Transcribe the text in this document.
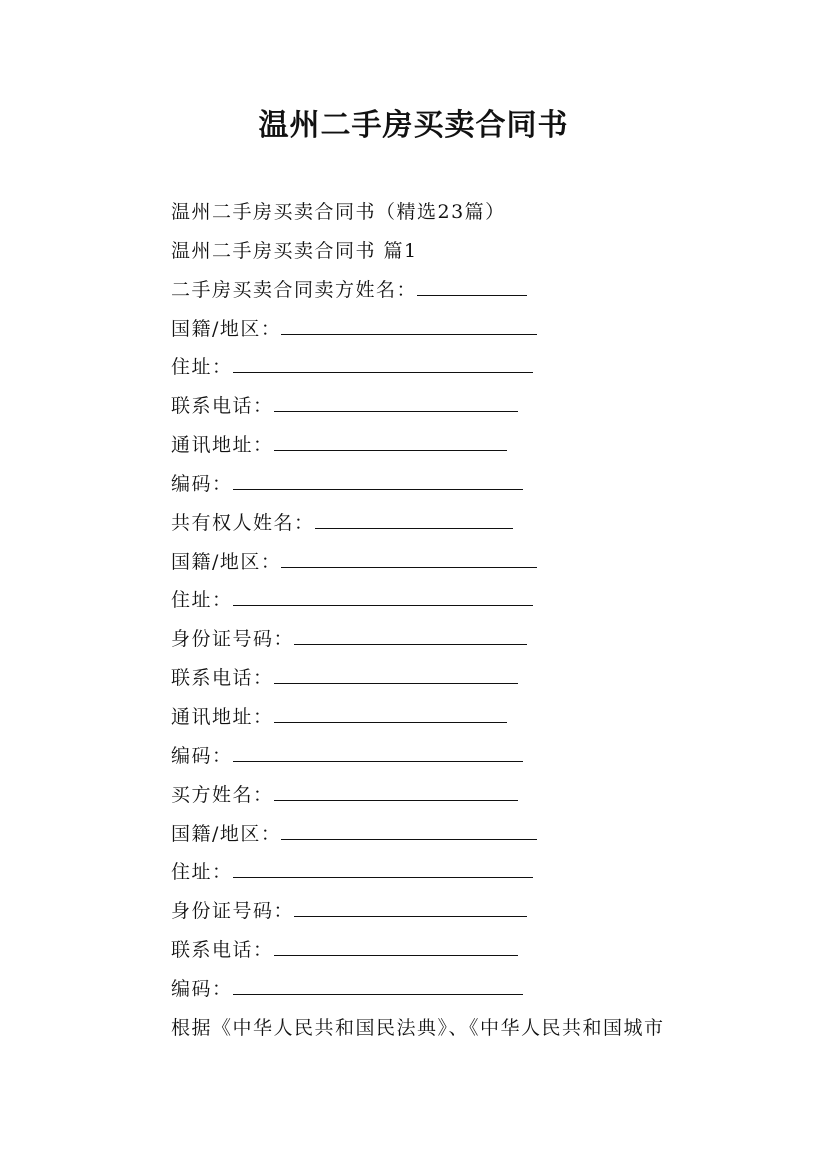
温州二手房买卖合同书
温州二手房买卖合同书（精选23篇）
温州二手房买卖合同书 篇1
二手房买卖合同卖方姓名：
国籍/地区：
住址：
联系电话：
通讯地址：
编码：
共有权人姓名：
国籍/地区：
住址：
身份证号码：
联系电话：
通讯地址：
编码：
买方姓名：
国籍/地区：
住址：
身份证号码：
联系电话：
编码：
根据《中华人民共和国民法典》、《中华人民共和国城市
